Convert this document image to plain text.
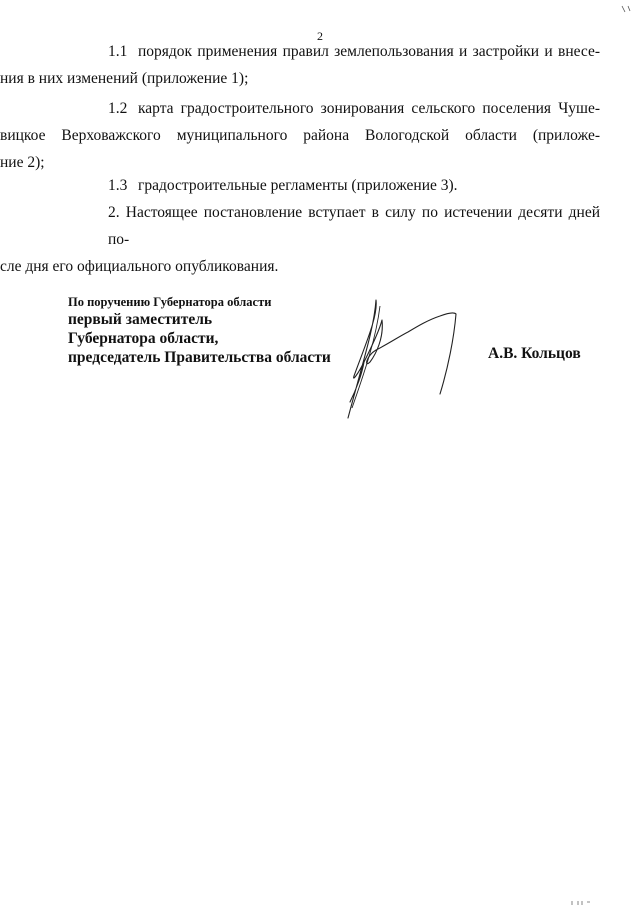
2
1.1 порядок применения правил землепользования и застройки и внесе-
ния в них изменений (приложение 1);
1.2 карта градостроительного зонирования сельского поселения Чуше-
вицкое Верховажского муниципального района Вологодской области (приложе-
ние 2);
1.3 градостроительные регламенты (приложение 3).
2. Настоящее постановление вступает в силу по истечении десяти дней по-
сле дня его официального опубликования.
По поручению Губернатора области
первый заместитель
Губернатора области,
председатель Правительства области	А.В. Кольцов
